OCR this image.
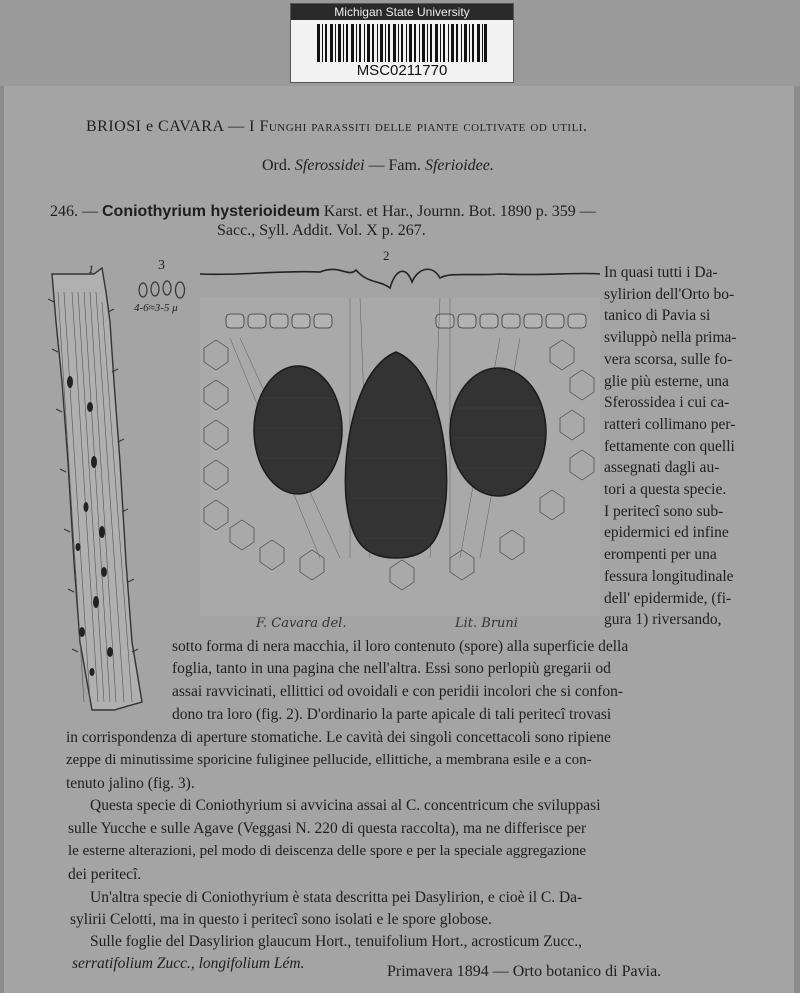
Michigan State University
MSC0211770
BRIOSI e CAVARA — I Funghi parassiti delle piante coltivate od utili.
Ord. Sferossidei — Fam. Sferioidee.
246. — Coniothyrium hysterioideum Karst. et Har., Journn. Bot. 1890 p. 359 —
Sacc., Syll. Addit. Vol. X p. 267.
1	3
4-6≈3-5 μ
2
F. Cavara del.	Lit. Bruni
In quasi tutti i Da-
sylirion dell'Orto bo-
tanico di Pavia si
sviluppò nella prima-
vera scorsa, sulle fo-
glie più esterne, una
Sferossidea i cui ca-
ratteri collimano per-
fettamente con quelli
assegnati dagli au-
tori a questa specie.
I peritecî sono sub-
epidermici ed infine
erompenti per una
fessura longitudinale
dell' epidermide, (fi-
gura 1) riversando,
sotto forma di nera macchia, il loro contenuto (spore) alla superficie della
foglia, tanto in una pagina che nell'altra. Essi sono perlopiù gregarii od
assai ravvicinati, ellittici od ovoidali e con peridii incolori che si confon-
dono tra loro (fig. 2). D'ordinario la parte apicale di tali peritecî trovasi
in corrispondenza di aperture stomatiche. Le cavità dei singoli concettacoli sono ripiene
zeppe di minutissime sporicine fuliginee pellucide, ellittiche, a membrana esile e a con-
tenuto jalino (fig. 3).
Questa specie di Coniothyrium si avvicina assai al C. concentricum che sviluppasi
sulle Yucche e sulle Agave (Veggasi N. 220 di questa raccolta), ma ne differisce per
le esterne alterazioni, pel modo di deiscenza delle spore e per la speciale aggregazione
dei peritecî.
Un'altra specie di Coniothyrium è stata descritta pei Dasylirion, e cioè il C. Da-
sylirii Celotti, ma in questo i peritecî sono isolati e le spore globose.
Sulle foglie del Dasylirion glaucum Hort., tenuifolium Hort., acrosticum Zucc.,
serratifolium Zucc., longifolium Lém.	Primavera 1894 — Orto botanico di Pavia.
